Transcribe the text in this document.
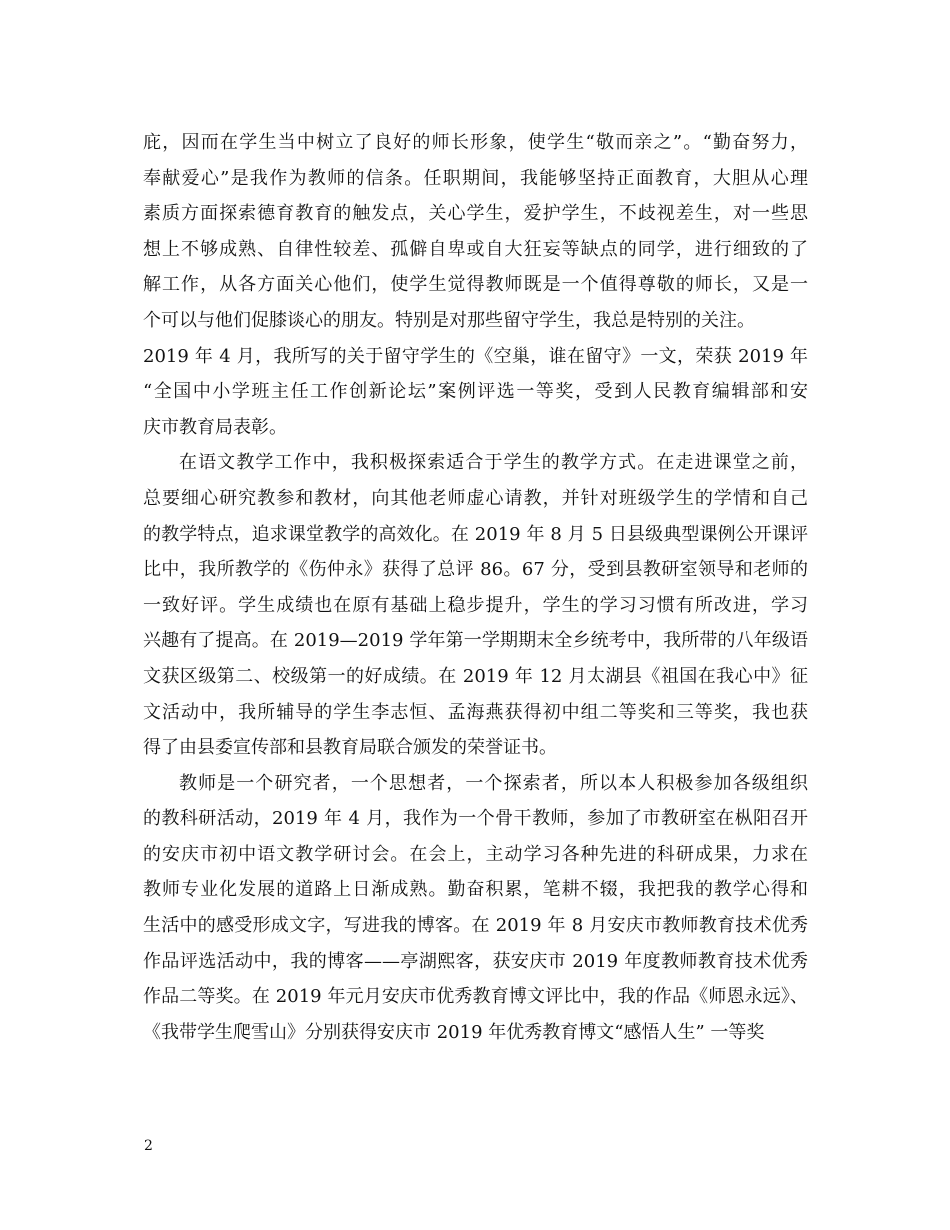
庇，因而在学生当中树立了良好的师长形象，使学生“敬而亲之”。“勤奋努力，
奉献爱心”是我作为教师的信条。任职期间，我能够坚持正面教育，大胆从心理
素质方面探索德育教育的触发点，关心学生，爱护学生，不歧视差生，对一些思
想上不够成熟、自律性较差、孤僻自卑或自大狂妄等缺点的同学，进行细致的了
解工作，从各方面关心他们，使学生觉得教师既是一个值得尊敬的师长，又是一
个可以与他们促膝谈心的朋友。特别是对那些留守学生，我总是特别的关注。
2019 年 4 月，我所写的关于留守学生的《空巢，谁在留守》一文，荣获 2019 年
“全国中小学班主任工作创新论坛”案例评选一等奖，受到人民教育编辑部和安
庆市教育局表彰。

在语文教学工作中，我积极探索适合于学生的教学方式。在走进课堂之前，
总要细心研究教参和教材，向其他老师虚心请教，并针对班级学生的学情和自己
的教学特点，追求课堂教学的高效化。在 2019 年 8 月 5 日县级典型课例公开课评
比中，我所教学的《伤仲永》获得了总评 86。67 分，受到县教研室领导和老师的
一致好评。学生成绩也在原有基础上稳步提升，学生的学习习惯有所改进，学习
兴趣有了提高。在 2019—2019 学年第一学期期末全乡统考中，我所带的八年级语
文获区级第二、校级第一的好成绩。在 2019 年 12 月太湖县《祖国在我心中》征
文活动中，我所辅导的学生李志恒、孟海燕获得初中组二等奖和三等奖，我也获
得了由县委宣传部和县教育局联合颁发的荣誉证书。

教师是一个研究者，一个思想者，一个探索者，所以本人积极参加各级组织
的教科研活动，2019 年 4 月，我作为一个骨干教师，参加了市教研室在枞阳召开
的安庆市初中语文教学研讨会。在会上，主动学习各种先进的科研成果，力求在
教师专业化发展的道路上日渐成熟。勤奋积累，笔耕不辍，我把我的教学心得和
生活中的感受形成文字，写进我的博客。在 2019 年 8 月安庆市教师教育技术优秀
作品评选活动中，我的博客——亭湖熙客，获安庆市 2019 年度教师教育技术优秀
作品二等奖。在 2019 年元月安庆市优秀教育博文评比中，我的作品《师恩永远》、
《我带学生爬雪山》分别获得安庆市 2019 年优秀教育博文“感悟人生” 一等奖

2
